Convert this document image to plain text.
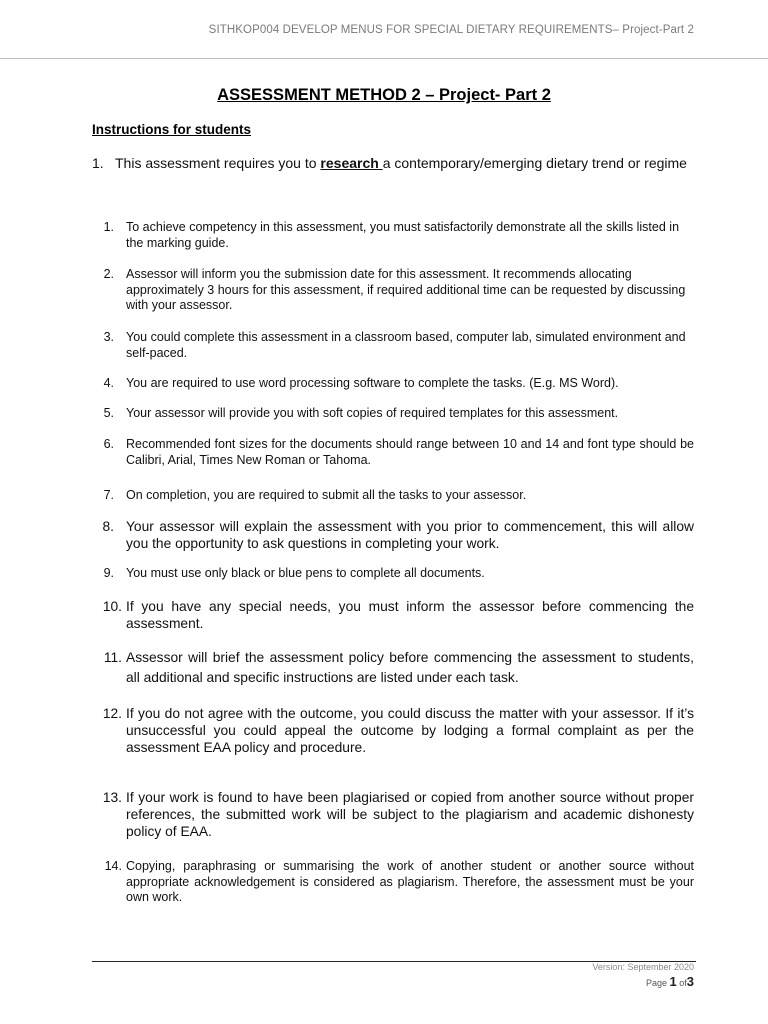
SITHKOP004 DEVELOP MENUS FOR SPECIAL DIETARY REQUIREMENTS– Project-Part 2
ASSESSMENT METHOD 2 – Project- Part 2
Instructions for students
1. This assessment requires you to research a contemporary/emerging dietary trend or regime
1. To achieve competency in this assessment, you must satisfactorily demonstrate all the skills listed in the marking guide.
2. Assessor will inform you the submission date for this assessment. It recommends allocating approximately 3 hours for this assessment, if required additional time can be requested by discussing with your assessor.
3. You could complete this assessment in a classroom based, computer lab, simulated environment and self-paced.
4. You are required to use word processing software to complete the tasks. (E.g. MS Word).
5. Your assessor will provide you with soft copies of required templates for this assessment.
6. Recommended font sizes for the documents should range between 10 and 14 and font type should be Calibri, Arial, Times New Roman or Tahoma.
7. On completion, you are required to submit all the tasks to your assessor.
8. Your assessor will explain the assessment with you prior to commencement, this will allow you the opportunity to ask questions in completing your work.
9. You must use only black or blue pens to complete all documents.
10. If you have any special needs, you must inform the assessor before commencing the assessment.
11. Assessor will brief the assessment policy before commencing the assessment to students, all additional and specific instructions are listed under each task.
12. If you do not agree with the outcome, you could discuss the matter with your assessor. If it’s unsuccessful you could appeal the outcome by lodging a formal complaint as per the assessment EAA policy and procedure.
13. If your work is found to have been plagiarised or copied from another source without proper references, the submitted work will be subject to the plagiarism and academic dishonesty policy of EAA.
14. Copying, paraphrasing or summarising the work of another student or another source without appropriate acknowledgement is considered as plagiarism. Therefore, the assessment must be your own work.
Version: September 2020
Page 1 of3
